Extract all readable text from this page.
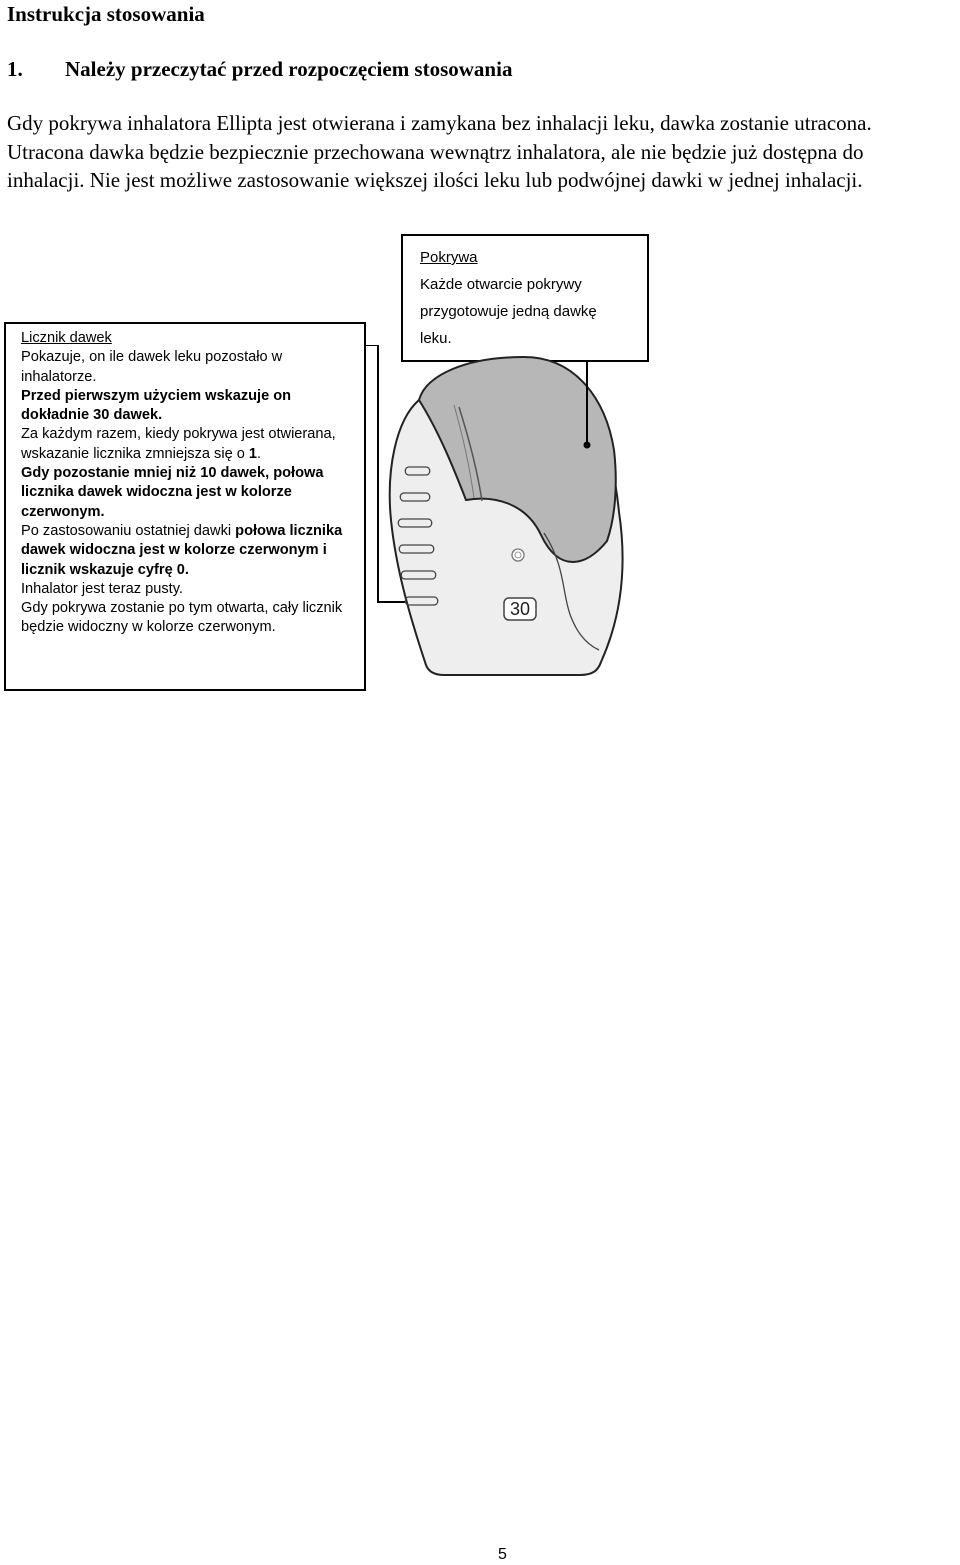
Instrukcja stosowania
1.	Należy przeczytać przed rozpoczęciem stosowania
Gdy pokrywa inhalatora Ellipta jest otwierana i zamykana bez inhalacji leku, dawka zostanie utracona.
Utracona dawka będzie bezpiecznie przechowana wewnątrz inhalatora, ale nie będzie już dostępna do
inhalacji. Nie jest możliwe zastosowanie większej ilości leku lub podwójnej dawki w jednej inhalacji.
Pokrywa
Każde otwarcie pokrywy przygotowuje jedną dawkę leku.
Licznik dawek
Pokazuje, on ile dawek leku pozostało w inhalatorze.
Przed pierwszym użyciem wskazuje on dokładnie 30 dawek.
Za każdym razem, kiedy pokrywa jest otwierana, wskazanie licznika zmniejsza się o 1.
Gdy pozostanie mniej niż 10 dawek, połowa licznika dawek widoczna jest w kolorze czerwonym.
Po zastosowaniu ostatniej dawki połowa licznika dawek widoczna jest w kolorze czerwonym i licznik wskazuje cyfrę 0.
Inhalator jest teraz pusty.
Gdy pokrywa zostanie po tym otwarta, cały licznik będzie widoczny w kolorze czerwonym.
30
5
